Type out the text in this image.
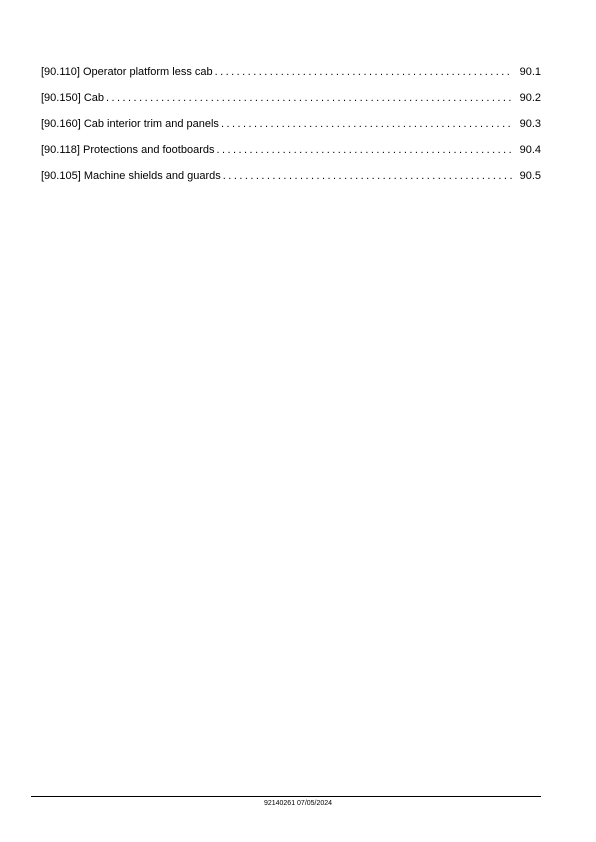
[90.110] Operator platform less cab . . .	90.1
[90.150] Cab . . .	90.2
[90.160] Cab interior trim and panels . . .	90.3
[90.118] Protections and footboards . . .	90.4
[90.105] Machine shields and guards . . .	90.5
92140261 07/05/2024
